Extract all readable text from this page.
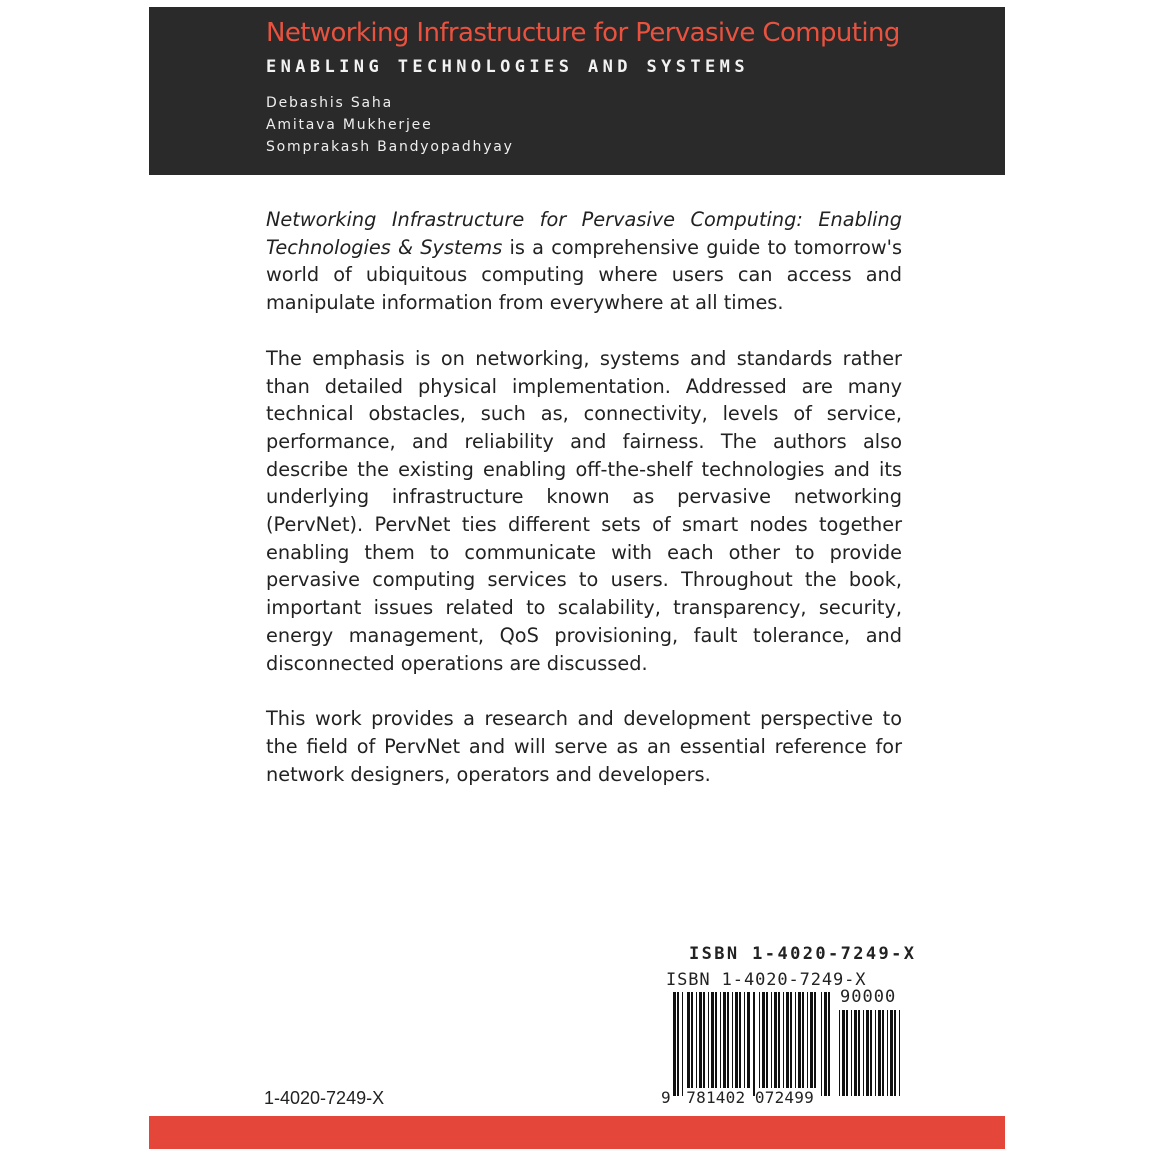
Networking Infrastructure for Pervasive Computing
ENABLING TECHNOLOGIES AND SYSTEMS
Debashis Saha
Amitava Mukherjee
Somprakash Bandyopadhyay

Networking Infrastructure for Pervasive Computing: Enabling Technologies & Systems is a comprehensive guide to tomorrow's world of ubiquitous computing where users can access and manipulate information from everywhere at all times.

The emphasis is on networking, systems and standards rather than detailed physical implementation. Addressed are many technical obstacles, such as, connectivity, levels of service, performance, and reliability and fairness. The authors also describe the existing enabling off-the-shelf technologies and its underlying infrastructure known as pervasive networking (PervNet). PervNet ties different sets of smart nodes together enabling them to communicate with each other to provide pervasive computing services to users. Throughout the book, important issues related to scalability, transparency, security, energy management, QoS provisioning, fault tolerance, and disconnected operations are discussed.

This work provides a research and development perspective to the field of PervNet and will serve as an essential reference for network designers, operators and developers.

ISBN 1-4020-7249-X
ISBN 1-4020-7249-X
90000
9 781402 072499
1-4020-7249-X
